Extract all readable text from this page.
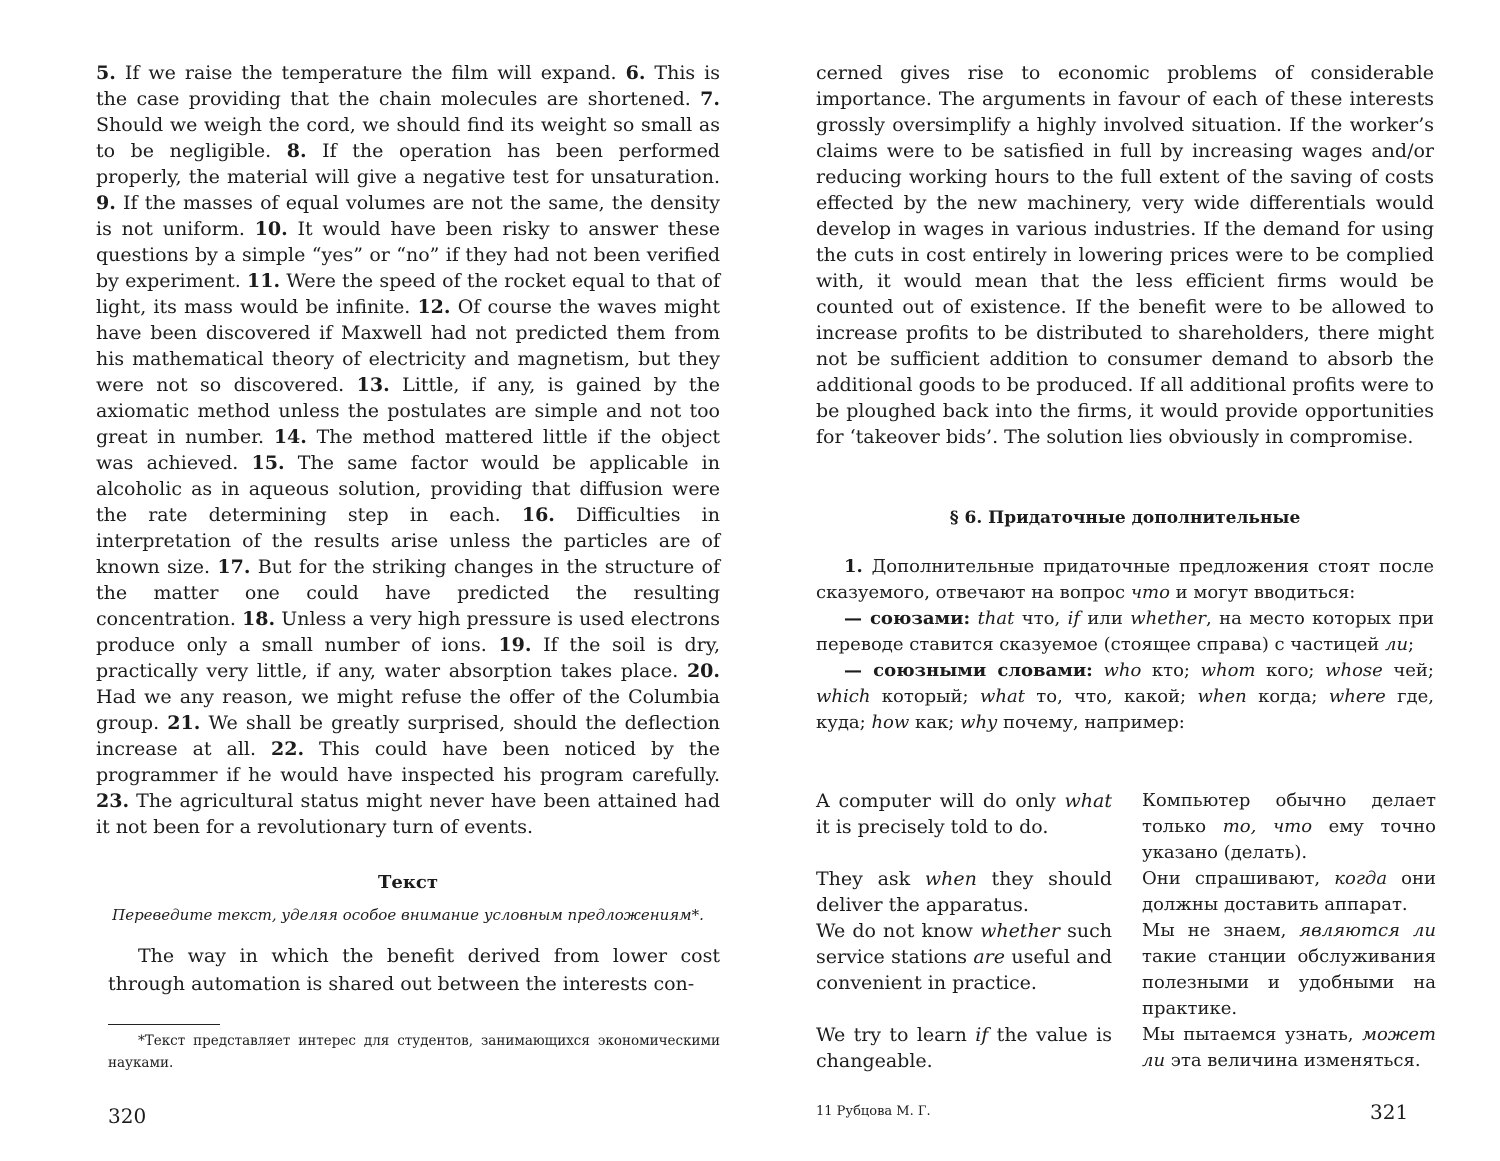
5. If we raise the temperature the film will expand. 6. This is the case providing that the chain molecules are shortened. 7. Should we weigh the cord, we should find its weight so small as to be negligible. 8. If the operation has been performed properly, the material will give a negative test for unsaturation. 9. If the masses of equal volumes are not the same, the density is not uniform. 10. It would have been risky to answer these questions by a simple “yes” or “no” if they had not been verified by experiment. 11. Were the speed of the rocket equal to that of light, its mass would be infinite. 12. Of course the waves might have been discovered if Maxwell had not predicted them from his mathematical theory of electricity and magnetism, but they were not so discovered. 13. Little, if any, is gained by the axiomatic method unless the postulates are simple and not too great in number. 14. The method mattered little if the object was achieved. 15. The same factor would be applicable in alcoholic as in aqueous solution, providing that diffusion were the rate determining step in each. 16. Difficulties in interpretation of the results arise unless the particles are of known size. 17. But for the striking changes in the structure of the matter one could have predicted the resulting concentration. 18. Unless a very high pressure is used electrons produce only a small number of ions. 19. If the soil is dry, practically very little, if any, water absorption takes place. 20. Had we any reason, we might refuse the offer of the Columbia group. 21. We shall be greatly surprised, should the deflection increase at all. 22. This could have been noticed by the programmer if he would have inspected his program carefully. 23. The agricultural status might never have been attained had it not been for a revolutionary turn of events.

Текст

Переведите текст, уделяя особое внимание условным предложениям*.

The way in which the benefit derived from lower cost through automation is shared out between the interests con-

*Текст представляет интерес для студентов, занимающихся экономическими науками.

320

cerned gives rise to economic problems of considerable importance. The arguments in favour of each of these interests grossly oversimplify a highly involved situation. If the worker’s claims were to be satisfied in full by increasing wages and/or reducing working hours to the full extent of the saving of costs effected by the new machinery, very wide differentials would develop in wages in various industries. If the demand for using the cuts in cost entirely in lowering prices were to be complied with, it would mean that the less efficient firms would be counted out of existence. If the benefit were to be allowed to increase profits to be distributed to shareholders, there might not be sufficient addition to consumer demand to absorb the additional goods to be produced. If all additional profits were to be ploughed back into the firms, it would provide opportunities for ‘takeover bids’. The solution lies obviously in compromise.

§ 6. Придаточные дополнительные

1. Дополнительные придаточные предложения стоят после сказуемого, отвечают на вопрос что и могут вводиться:

— союзами: that что, if или whether, на место которых при переводе ставится сказуемое (стоящее справа) с частицей ли;

— союзными словами: who кто; whom кого; whose чей; which который; what то, что, какой; when когда; where где, куда; how как; why почему, например:

A computer will do only what it is precisely told to do.
Компьютер обычно делает только то, что ему точно указано (делать).
They ask when they should deliver the apparatus.
We do not know whether such service stations are useful and convenient in practice.
Они спрашивают, когда они должны доставить аппарат.
Мы не знаем, являются ли такие станции обслуживания полезными и удобными на практике.
We try to learn if the value is changeable.
Мы пытаемся узнать, может ли эта величина изменяться.

11 Рубцова М. Г.	321
